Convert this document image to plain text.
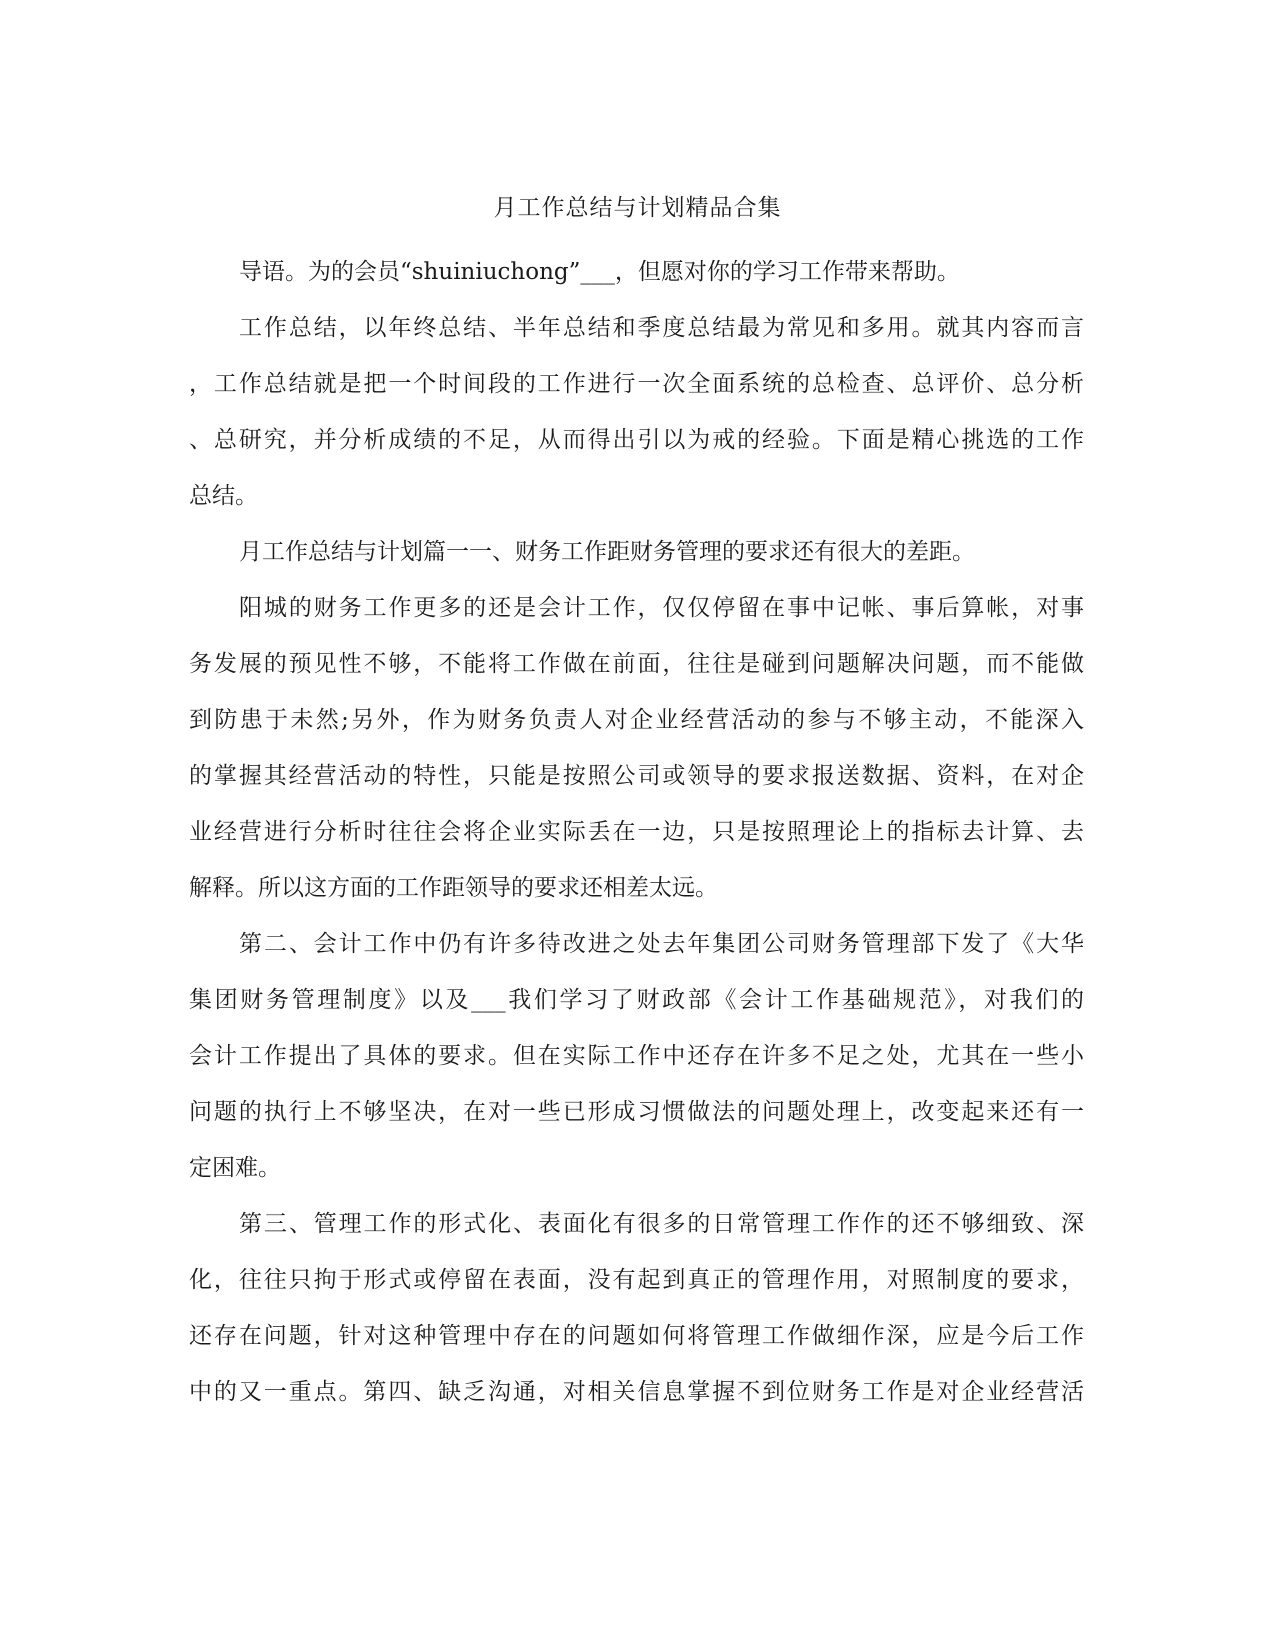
月工作总结与计划精品合集

导语。为的会员“shuiniuchong”___，但愿对你的学习工作带来帮助。

工作总结，以年终总结、半年总结和季度总结最为常见和多用。就其内容而言

，工作总结就是把一个时间段的工作进行一次全面系统的总检查、总评价、总分析

、总研究，并分析成绩的不足，从而得出引以为戒的经验。下面是精心挑选的工作

总结。

月工作总结与计划篇一一、财务工作距财务管理的要求还有很大的差距。

阳城的财务工作更多的还是会计工作，仅仅停留在事中记帐、事后算帐，对事

务发展的预见性不够，不能将工作做在前面，往往是碰到问题解决问题，而不能做

到防患于未然;另外，作为财务负责人对企业经营活动的参与不够主动，不能深入

的掌握其经营活动的特性，只能是按照公司或领导的要求报送数据、资料，在对企

业经营进行分析时往往会将企业实际丢在一边，只是按照理论上的指标去计算、去

解释。所以这方面的工作距领导的要求还相差太远。

第二、会计工作中仍有许多待改进之处去年集团公司财务管理部下发了《大华

集团财务管理制度》以及___我们学习了财政部《会计工作基础规范》，对我们的

会计工作提出了具体的要求。但在实际工作中还存在许多不足之处，尤其在一些小

问题的执行上不够坚决，在对一些已形成习惯做法的问题处理上，改变起来还有一

定困难。

第三、管理工作的形式化、表面化有很多的日常管理工作作的还不够细致、深

化，往往只拘于形式或停留在表面，没有起到真正的管理作用，对照制度的要求，

还存在问题，针对这种管理中存在的问题如何将管理工作做细作深，应是今后工作

中的又一重点。第四、缺乏沟通，对相关信息掌握不到位财务工作是对企业经营活
